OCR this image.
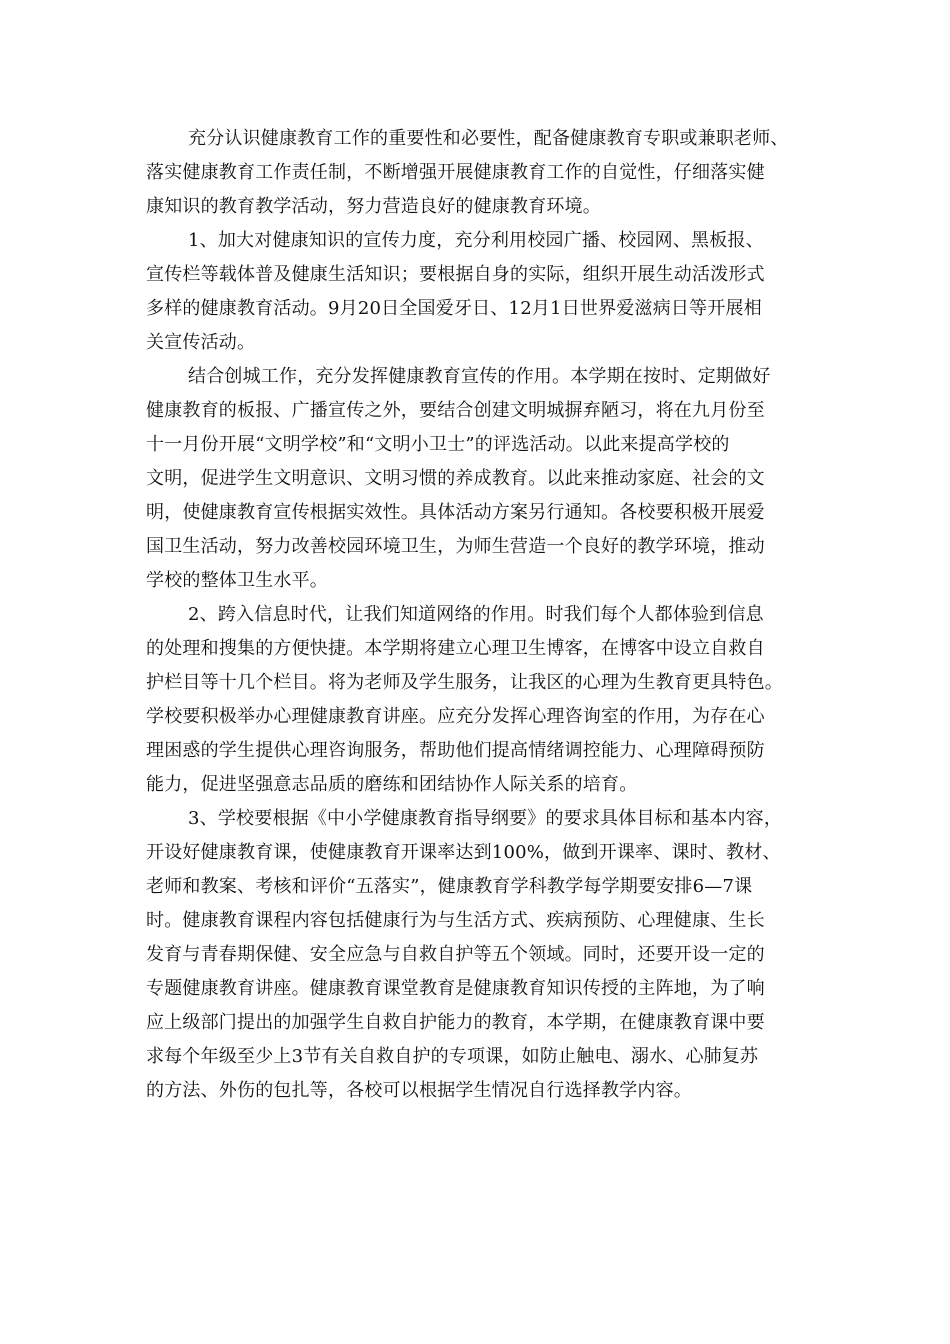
充分认识健康教育工作的重要性和必要性，配备健康教育专职或兼职老师、
落实健康教育工作责任制，不断增强开展健康教育工作的自觉性，仔细落实健
康知识的教育教学活动，努力营造良好的健康教育环境。
1、加大对健康知识的宣传力度，充分利用校园广播、校园网、黑板报、
宣传栏等载体普及健康生活知识；要根据自身的实际，组织开展生动活泼形式
多样的健康教育活动。9月20日全国爱牙日、12月1日世界爱滋病日等开展相
关宣传活动。
结合创城工作，充分发挥健康教育宣传的作用。本学期在按时、定期做好
健康教育的板报、广播宣传之外，要结合创建文明城摒弃陋习，将在九月份至
十一月份开展“文明学校”和“文明小卫士”的评选活动。以此来提高学校的
文明，促进学生文明意识、文明习惯的养成教育。以此来推动家庭、社会的文
明，使健康教育宣传根据实效性。具体活动方案另行通知。各校要积极开展爱
国卫生活动，努力改善校园环境卫生，为师生营造一个良好的教学环境，推动
学校的整体卫生水平。
2、跨入信息时代，让我们知道网络的作用。时我们每个人都体验到信息
的处理和搜集的方便快捷。本学期将建立心理卫生博客，在博客中设立自救自
护栏目等十几个栏目。将为老师及学生服务，让我区的心理为生教育更具特色。
学校要积极举办心理健康教育讲座。应充分发挥心理咨询室的作用，为存在心
理困惑的学生提供心理咨询服务，帮助他们提高情绪调控能力、心理障碍预防
能力，促进坚强意志品质的磨练和团结协作人际关系的培育。
3、学校要根据《中小学健康教育指导纲要》的要求具体目标和基本内容，
开设好健康教育课，使健康教育开课率达到100%，做到开课率、课时、教材、
老师和教案、考核和评价“五落实”，健康教育学科教学每学期要安排6—7课
时。健康教育课程内容包括健康行为与生活方式、疾病预防、心理健康、生长
发育与青春期保健、安全应急与自救自护等五个领域。同时，还要开设一定的
专题健康教育讲座。健康教育课堂教育是健康教育知识传授的主阵地，为了响
应上级部门提出的加强学生自救自护能力的教育，本学期，在健康教育课中要
求每个年级至少上3节有关自救自护的专项课，如防止触电、溺水、心肺复苏
的方法、外伤的包扎等，各校可以根据学生情况自行选择教学内容。
